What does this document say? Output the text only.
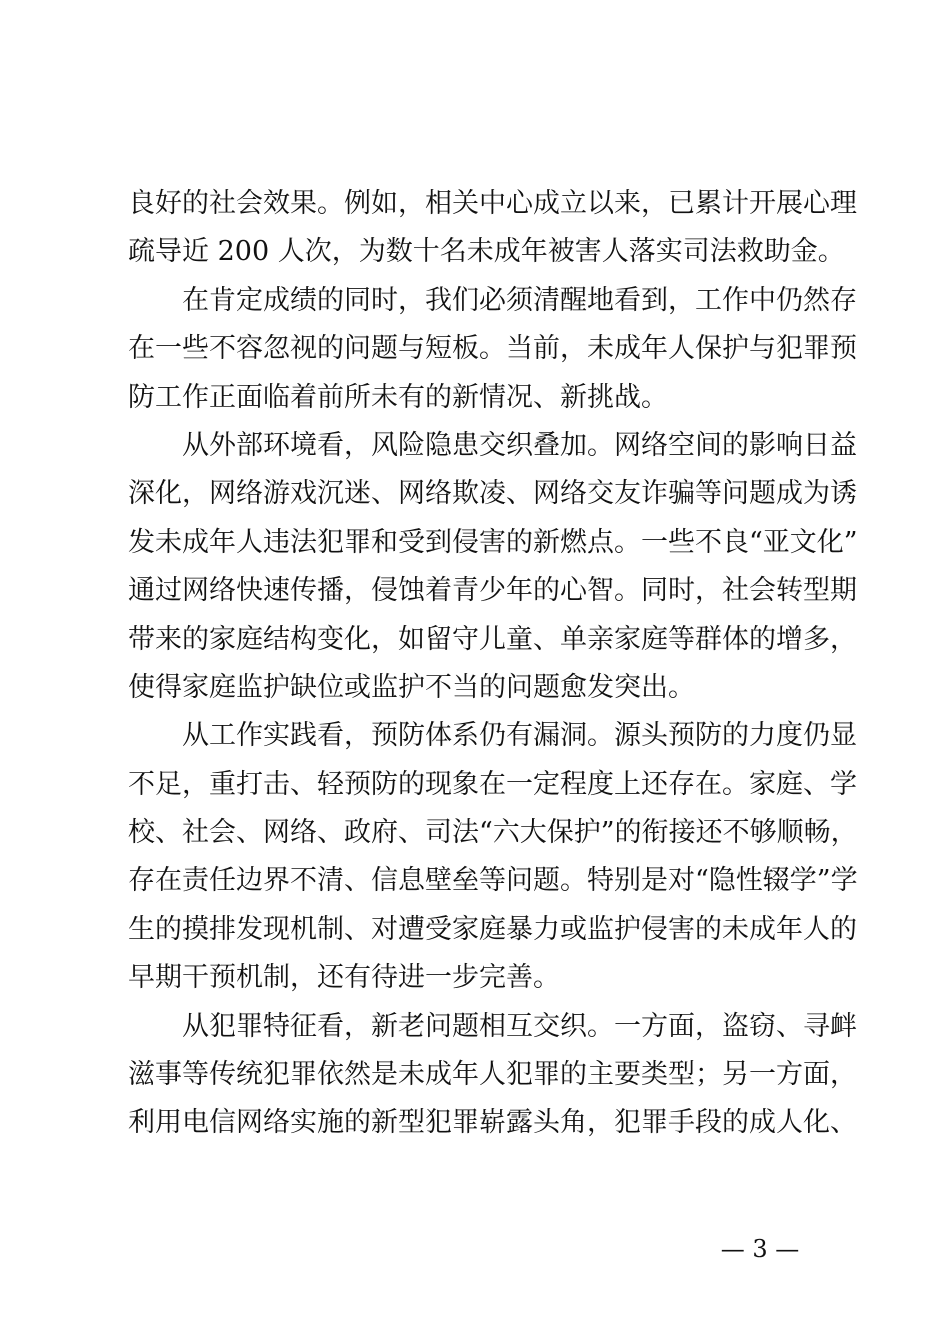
良好的社会效果。例如，相关中心成立以来，已累计开展心理
疏导近 200 人次，为数十名未成年被害人落实司法救助金。
在肯定成绩的同时，我们必须清醒地看到，工作中仍然存
在一些不容忽视的问题与短板。当前，未成年人保护与犯罪预
防工作正面临着前所未有的新情况、新挑战。
从外部环境看，风险隐患交织叠加。网络空间的影响日益
深化，网络游戏沉迷、网络欺凌、网络交友诈骗等问题成为诱
发未成年人违法犯罪和受到侵害的新燃点。一些不良“亚文化”
通过网络快速传播，侵蚀着青少年的心智。同时，社会转型期
带来的家庭结构变化，如留守儿童、单亲家庭等群体的增多，
使得家庭监护缺位或监护不当的问题愈发突出。
从工作实践看，预防体系仍有漏洞。源头预防的力度仍显
不足，重打击、轻预防的现象在一定程度上还存在。家庭、学
校、社会、网络、政府、司法“六大保护”的衔接还不够顺畅，
存在责任边界不清、信息壁垒等问题。特别是对“隐性辍学”学
生的摸排发现机制、对遭受家庭暴力或监护侵害的未成年人的
早期干预机制，还有待进一步完善。
从犯罪特征看，新老问题相互交织。一方面，盗窃、寻衅
滋事等传统犯罪依然是未成年人犯罪的主要类型；另一方面，
利用电信网络实施的新型犯罪崭露头角，犯罪手段的成人化、
— 3 —
